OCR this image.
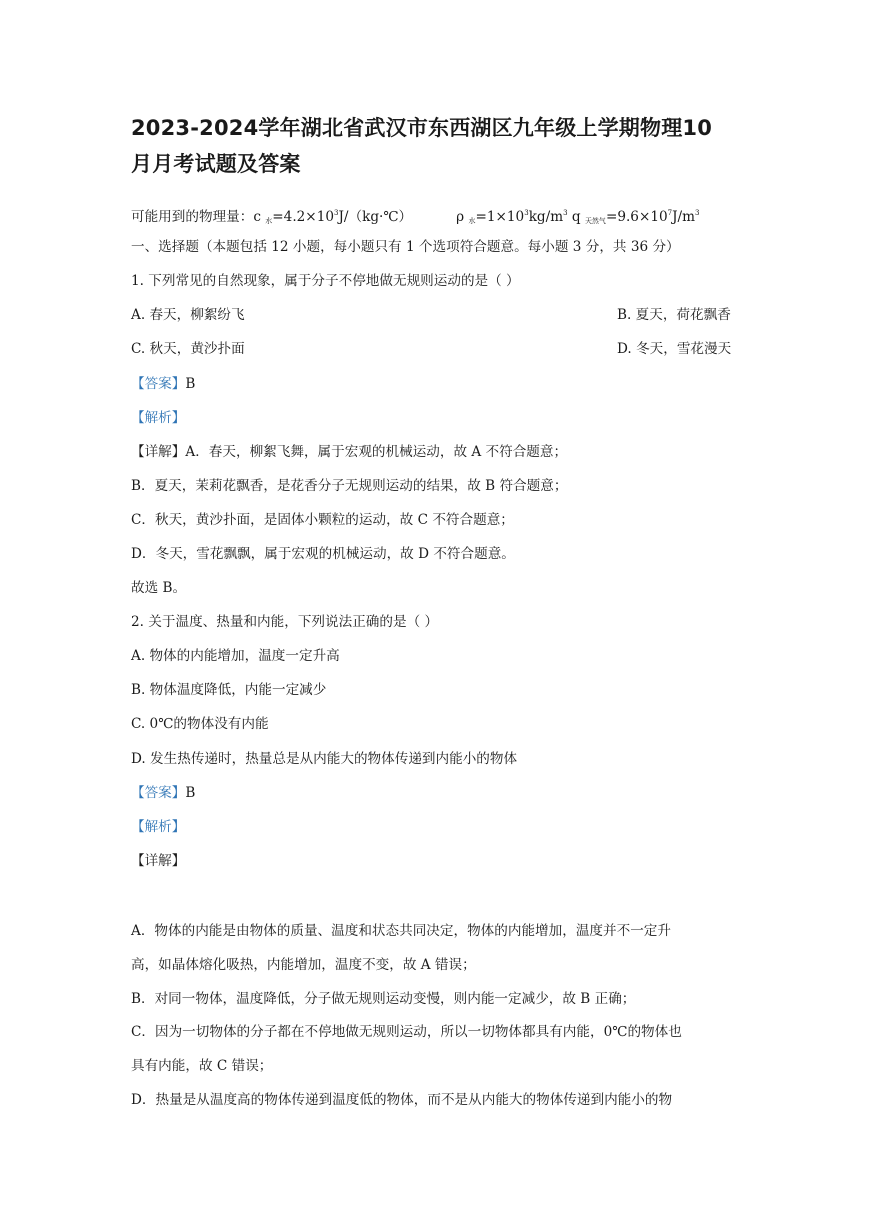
2023-2024学年湖北省武汉市东西湖区九年级上学期物理10
月月考试题及答案
可能用到的物理量：c $_水=4.2\times 10^3J/(kg\cdot℃)$	ρ $_水=1\times 10^3kg/m^3$ q $_{天然气}=9.6\times 10^7J/m^3$
一、选择题（本题包括 12 小题，每小题只有 1 个选项符合题意。每小题 3 分，共 36 分）
1. 下列常见的自然现象，属于分子不停地做无规则运动的是（ ）
A. 春天，柳絮纷飞	B. 夏天，荷花飘香
C. 秋天，黄沙扑面	D. 冬天，雪花漫天
【答案】B
【解析】
【详解】A．春天，柳絮飞舞，属于宏观的机械运动，故 A 不符合题意；
B．夏天，茉莉花飘香，是花香分子无规则运动的结果，故 B 符合题意；
C．秋天，黄沙扑面，是固体小颗粒的运动，故 C 不符合题意；
D．冬天，雪花飘飘，属于宏观的机械运动，故 D 不符合题意。
故选 B。
2. 关于温度、热量和内能，下列说法正确的是（ ）
A. 物体的内能增加，温度一定升高
B. 物体温度降低，内能一定减少
C. 0℃的物体没有内能
D. 发生热传递时，热量总是从内能大的物体传递到内能小的物体
【答案】B
【解析】
【详解】
A．物体的内能是由物体的质量、温度和状态共同决定，物体的内能增加，温度并不一定升
高，如晶体熔化吸热，内能增加，温度不变，故 A 错误；
B．对同一物体，温度降低，分子做无规则运动变慢，则内能一定减少，故 B 正确；
C．因为一切物体的分子都在不停地做无规则运动，所以一切物体都具有内能，0℃的物体也
具有内能，故 C 错误；
D．热量是从温度高的物体传递到温度低的物体，而不是从内能大的物体传递到内能小的物
